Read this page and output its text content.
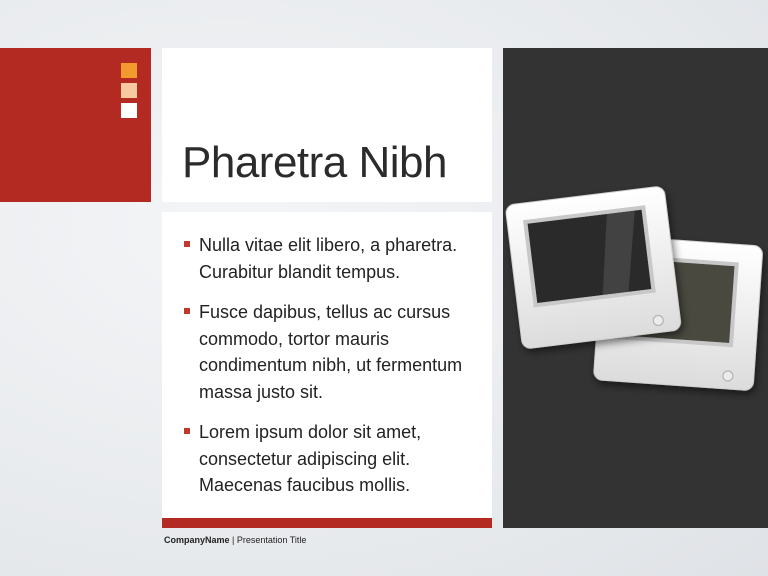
Pharetra Nibh
Nulla vitae elit libero, a pharetra. Curabitur blandit tempus.
Fusce dapibus, tellus ac cursus commodo, tortor mauris condimentum nibh, ut fermentum massa justo sit.
Lorem ipsum dolor sit amet, consectetur adipiscing elit. Maecenas faucibus mollis.
CompanyName | Presentation Title
